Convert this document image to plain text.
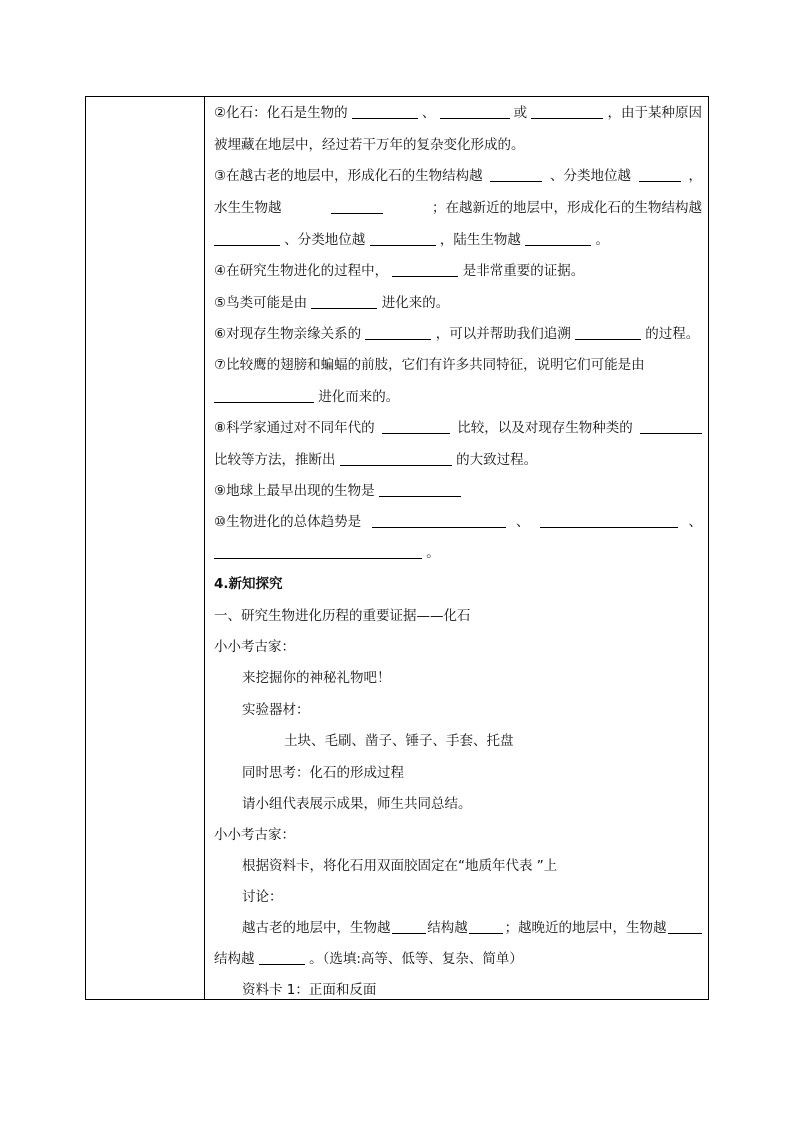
②化石：化石是生物的	、	或	，由于某种原因
被埋藏在地层中，经过若干万年的复杂变化形成的。
③在越古老的地层中，形成化石的生物结构越	、分类地位越	，
水生生物越	；在越新近的地层中，形成化石的生物结构越
、分类地位越	，陆生生物越	。
④在研究生物进化的过程中，	是非常重要的证据。
⑤鸟类可能是由	进化来的。
⑥对现存生物亲缘关系的	，可以并帮助我们追溯	的过程。
⑦比较鹰的翅膀和蝙蝠的前肢，它们有许多共同特征，说明它们可能是由
进化而来的。
⑧科学家通过对不同年代的	比较，以及对现存生物种类的
比较等方法，推断出	的大致过程。
⑨地球上最早出现的生物是
⑩生物进化的总体趋势是	、	、
。
4.新知探究
一、研究生物进化历程的重要证据——化石
小小考古家：
来挖掘你的神秘礼物吧！
实验器材：
土块、毛刷、凿子、锤子、手套、托盘
同时思考：化石的形成过程
请小组代表展示成果，师生共同总结。
小小考古家：
根据资料卡，将化石用双面胶固定在“地质年代表 ”上
讨论：
越古老的地层中，生物越	结构越	；越晚近的地层中，生物越
结构越	。（选填:高等、低等、复杂、简单）
资料卡 1：正面和反面
